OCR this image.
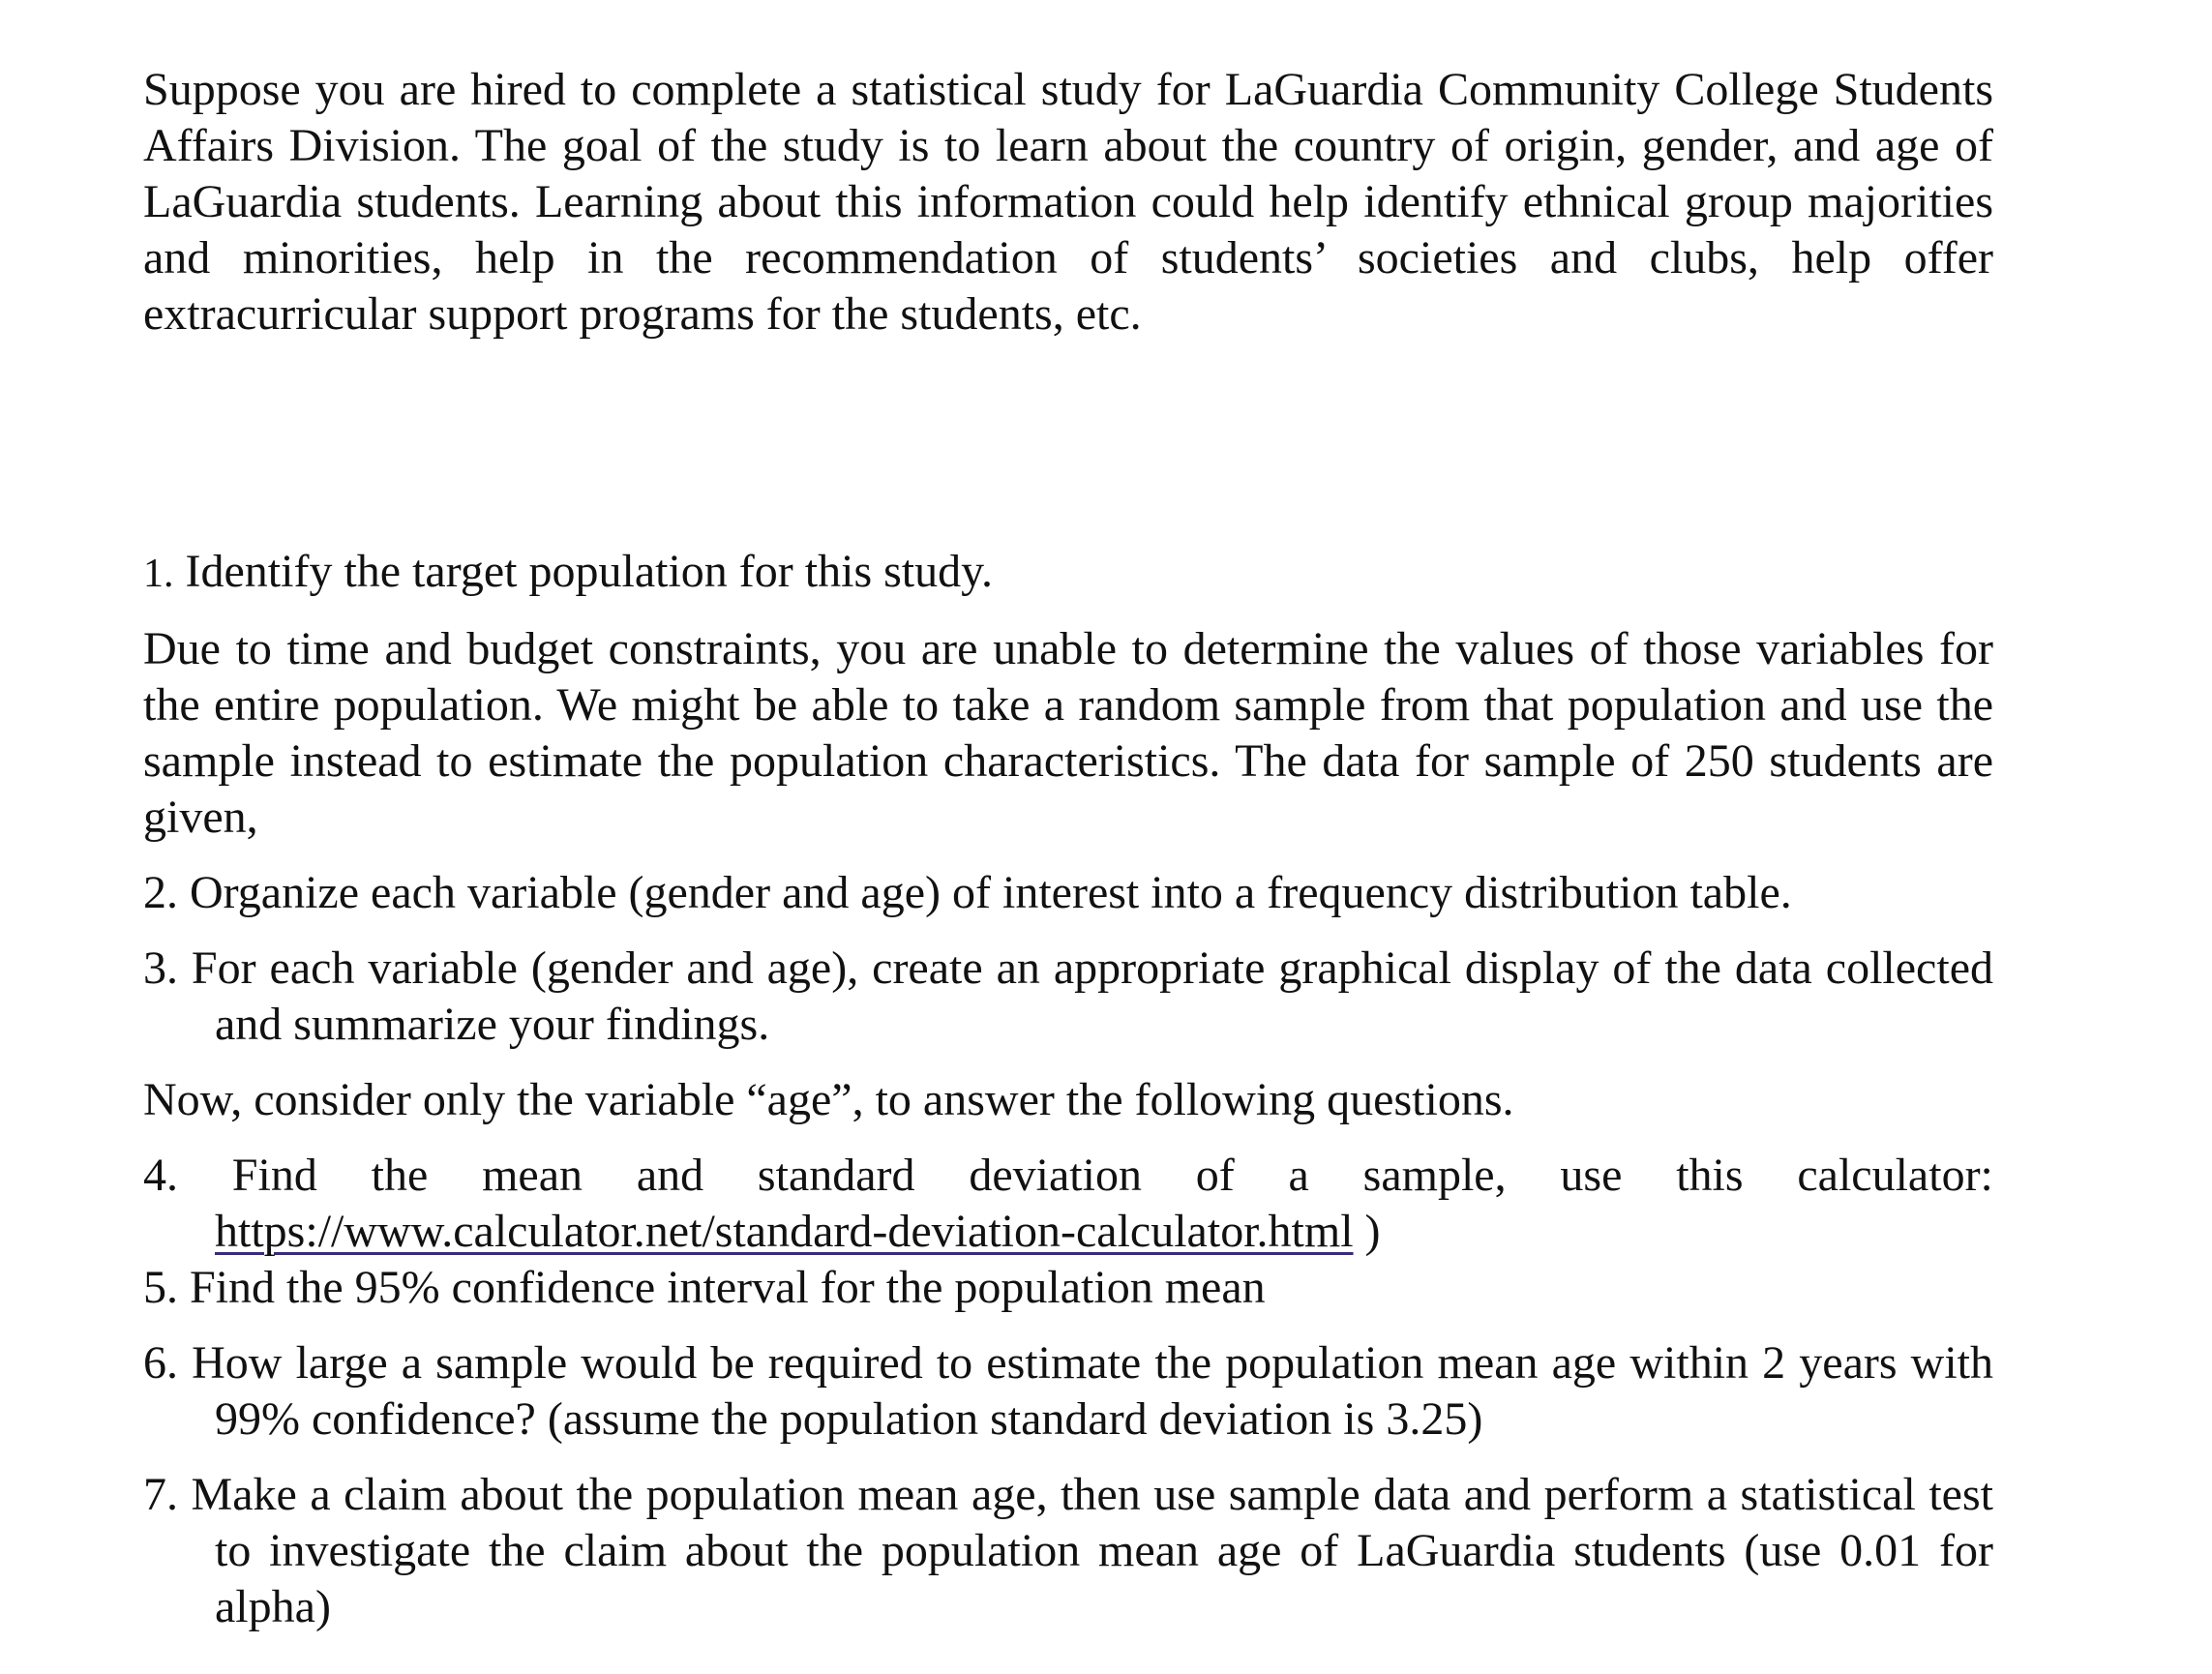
Suppose you are hired to complete a statistical study for LaGuardia Community College Students Affairs Division. The goal of the study is to learn about the country of origin, gender, and age of LaGuardia students. Learning about this information could help identify ethnical group majorities and minorities, help in the recommendation of students’ societies and clubs, help offer extracurricular support programs for the students, etc.

1. Identify the target population for this study.

Due to time and budget constraints, you are unable to determine the values of those variables for the entire population. We might be able to take a random sample from that population and use the sample instead to estimate the population characteristics. The data for sample of 250 students are given,

2. Organize each variable (gender and age) of interest into a frequency distribution table.

3. For each variable (gender and age), create an appropriate graphical display of the data collected and summarize your findings.

Now, consider only the variable “age”, to answer the following questions.

4. Find the mean and standard deviation of a sample, use this calculator:

https://www.calculator.net/standard-deviation-calculator.html )

5. Find the 95% confidence interval for the population mean

6. How large a sample would be required to estimate the population mean age within 2 years with 99% confidence? (assume the population standard deviation is 3.25)

7. Make a claim about the population mean age, then use sample data and perform a statistical test to investigate the claim about the population mean age of LaGuardia students (use 0.01 for alpha)
